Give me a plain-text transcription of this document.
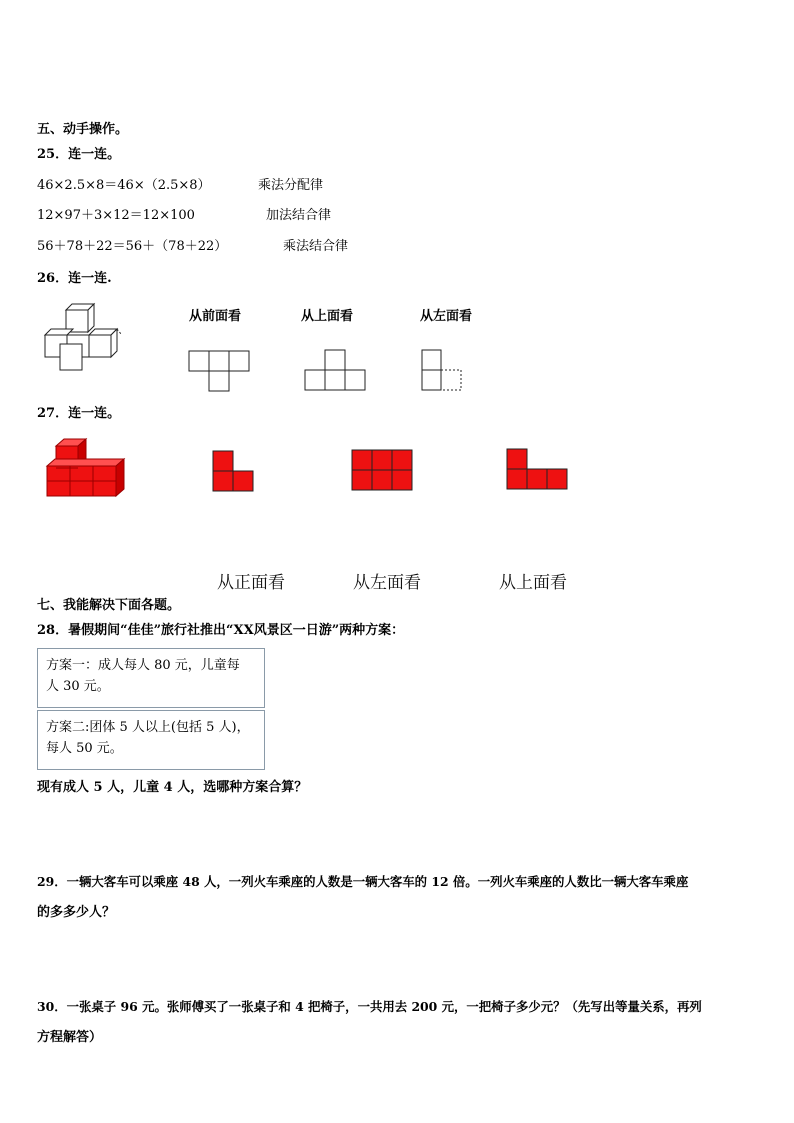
五、动手操作。
25．连一连。
46×2.5×8＝46×（2.5×8）
12×97＋3×12＝12×100
56＋78＋22＝56＋（78＋22）
乘法分配律
加法结合律
乘法结合律
26．连一连.
从前面看	从上面看	从左面看
27．连一连。
从正面看	从左面看	从上面看
七、我能解决下面各题。
28．暑假期间“佳佳”旅行社推出“XX风景区一日游”两种方案：
方案一：成人每人 80 元，儿童每
人 30 元。
方案二:团体 5 人以上(包括 5 人)，
每人 50 元。
现有成人 5 人，儿童 4 人，选哪种方案合算？
29．一辆大客车可以乘座 48 人，一列火车乘座的人数是一辆大客车的 12 倍。一列火车乘座的人数比一辆大客车乘座
的多多少人？
30．一张桌子 96 元。张师傅买了一张桌子和 4 把椅子，一共用去 200 元，一把椅子多少元？（先写出等量关系，再列
方程解答）
